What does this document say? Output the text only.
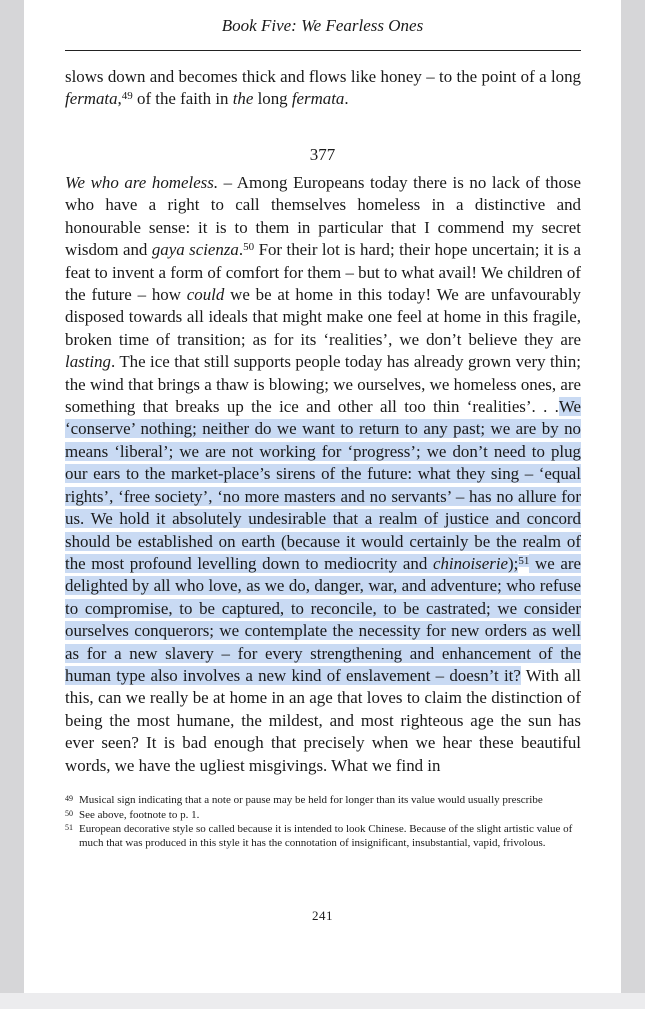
Book Five: We Fearless Ones

slows down and becomes thick and flows like honey – to the point of a long fermata,$^{49}$ of the faith in the long fermata.

377

We who are homeless. – Among Europeans today there is no lack of those who have a right to call themselves homeless in a distinctive and honourable sense: it is to them in particular that I commend my secret wisdom and gaya scienza.$^{50}$ For their lot is hard; their hope uncertain; it is a feat to invent a form of comfort for them – but to what avail! We children of the future – how could we be at home in this today! We are unfavourably disposed towards all ideals that might make one feel at home in this fragile, broken time of transition; as for its ‘realities’, we don’t believe they are lasting. The ice that still supports people today has already grown very thin; the wind that brings a thaw is blowing; we ourselves, we homeless ones, are something that breaks up the ice and other all too thin ‘realities’. . .We ‘conserve’ nothing; neither do we want to return to any past; we are by no means ‘liberal’; we are not working for ‘progress’; we don’t need to plug our ears to the market-place’s sirens of the future: what they sing – ‘equal rights’, ‘free society’, ‘no more masters and no servants’ – has no allure for us. We hold it absolutely undesirable that a realm of justice and concord should be established on earth (because it would certainly be the realm of the most profound levelling down to mediocrity and chinoiserie);$^{51}$ we are delighted by all who love, as we do, danger, war, and adventure; who refuse to compromise, to be captured, to reconcile, to be castrated; we consider ourselves conquerors; we contemplate the necessity for new orders as well as for a new slavery – for every strengthening and enhancement of the human type also involves a new kind of enslavement – doesn’t it? With all this, can we really be at home in an age that loves to claim the distinction of being the most humane, the mildest, and most righteous age the sun has ever seen? It is bad enough that precisely when we hear these beautiful words, we have the ugliest misgivings. What we find in

49 Musical sign indicating that a note or pause may be held for longer than its value would usually prescribe
50 See above, footnote to p. 1.
51 European decorative style so called because it is intended to look Chinese. Because of the slight artistic value of much that was produced in this style it has the connotation of insignificant, insubstantial, vapid, frivolous.
241
